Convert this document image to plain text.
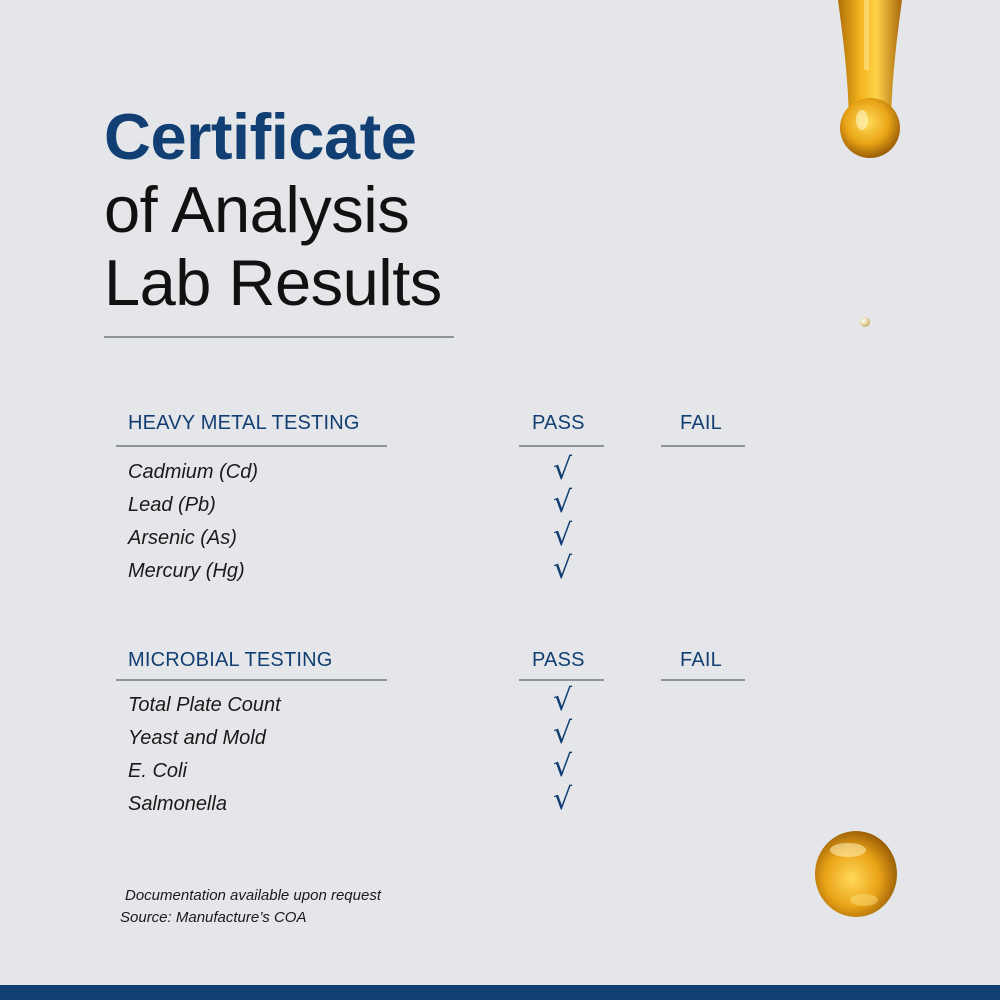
Certificate
of Analysis
Lab Results
HEAVY METAL TESTING	PASS	FAIL
Cadmium (Cd)	√
Lead (Pb)	√
Arsenic (As)	√
Mercury (Hg)	√
MICROBIAL TESTING	PASS	FAIL
Total Plate Count	√
Yeast and Mold	√
E. Coli	√
Salmonella	√
Documentation available upon request
Source: Manufacture’s COA
